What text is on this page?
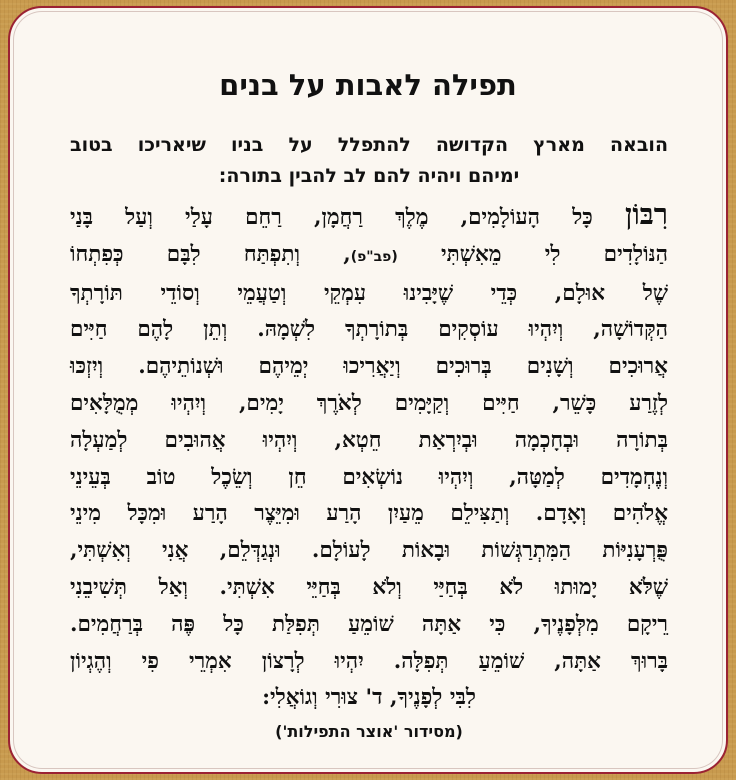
תפילה לאבות על בנים
הובאה מארץ הקדושה להתפלל על בניו שיאריכו בטוב
ימיהם ויהיה להם לב להבין בתורה:
רִבּוֹן כָּל הָעוֹלָמִים, מֶלֶךְ רַחֲמָן, רַחֵם עָלַי וְעַל בָּנַי
הַנּוֹלָדִים לִי מֵאִשְׁתִּי (פב"פ), וְתִפְתַּח לִבָּם כְּפִתְחוֹ
שֶׁל אוּלָם, כְּדֵי שֶׁיָּבִינוּ עִמְקֵי וְטַעֲמֵי וְסוֹדֵי תּוֹרָתְךָ
הַקְּדוֹשָׁה, וְיִהְיוּ עוֹסְקִים בְּתוֹרָתְךָ לִשְׁמָהּ. וְתֵן לָהֶם חַיִּים
אֲרוּכִים וְשָׁנִים בְּרוּכִים וְיַאֲרִיכוּ יְמֵיהֶם וּשְׁנוֹתֵיהֶם. וְיִזְכּוּ
לְזֶרַע כָּשֵׁר, חַיִּים וְקַיָּמִים לְאֹרֶךְ יָמִים, וְיִהְיוּ מְמֻלָּאִים
בְּתוֹרָה וּבְחָכְמָה וּבְיִרְאַת חֵטְא, וְיִהְיוּ אֲהוּבִים לְמַעְלָה
וְנֶחְמָדִים לְמַטָּה, וְיִהְיוּ נוֹשְׂאִים חֵן וְשֵׂכֶל טוֹב בְּעֵינֵי
אֱלֹהִים וְאָדָם. וְתַצִּילֵם מֵעַיִן הָרַע וּמִיֵּצֶר הָרַע וּמִכָּל מִינֵי
פֻּרְעָנִיּוֹת הַמִּתְרַגְּשׁוֹת וּבָאוֹת לָעוֹלָם. וּנְגַדְּלֵם, אֲנִי וְאִשְׁתִּי,
שֶׁלֹּא יָמוּתוּ לֹא בְּחַיַּי וְלֹא בְּחַיֵּי אִשְׁתִּי. וְאַל תְּשִׁיבֵנִי
רֵיקָם מִלְּפָנֶיךָ, כִּי אַתָּה שׁוֹמֵעַ תְּפִלַּת כָּל פֶּה בְּרַחֲמִים.
בָּרוּךְ אַתָּה, שׁוֹמֵעַ תְּפִלָּה. יִהְיוּ לְרָצוֹן אִמְרֵי פִי וְהֶגְיוֹן
לִבִּי לְפָנֶיךָ, ד' צוּרִי וְגוֹאֲלִי:
(מסידור 'אוצר התפילות')
